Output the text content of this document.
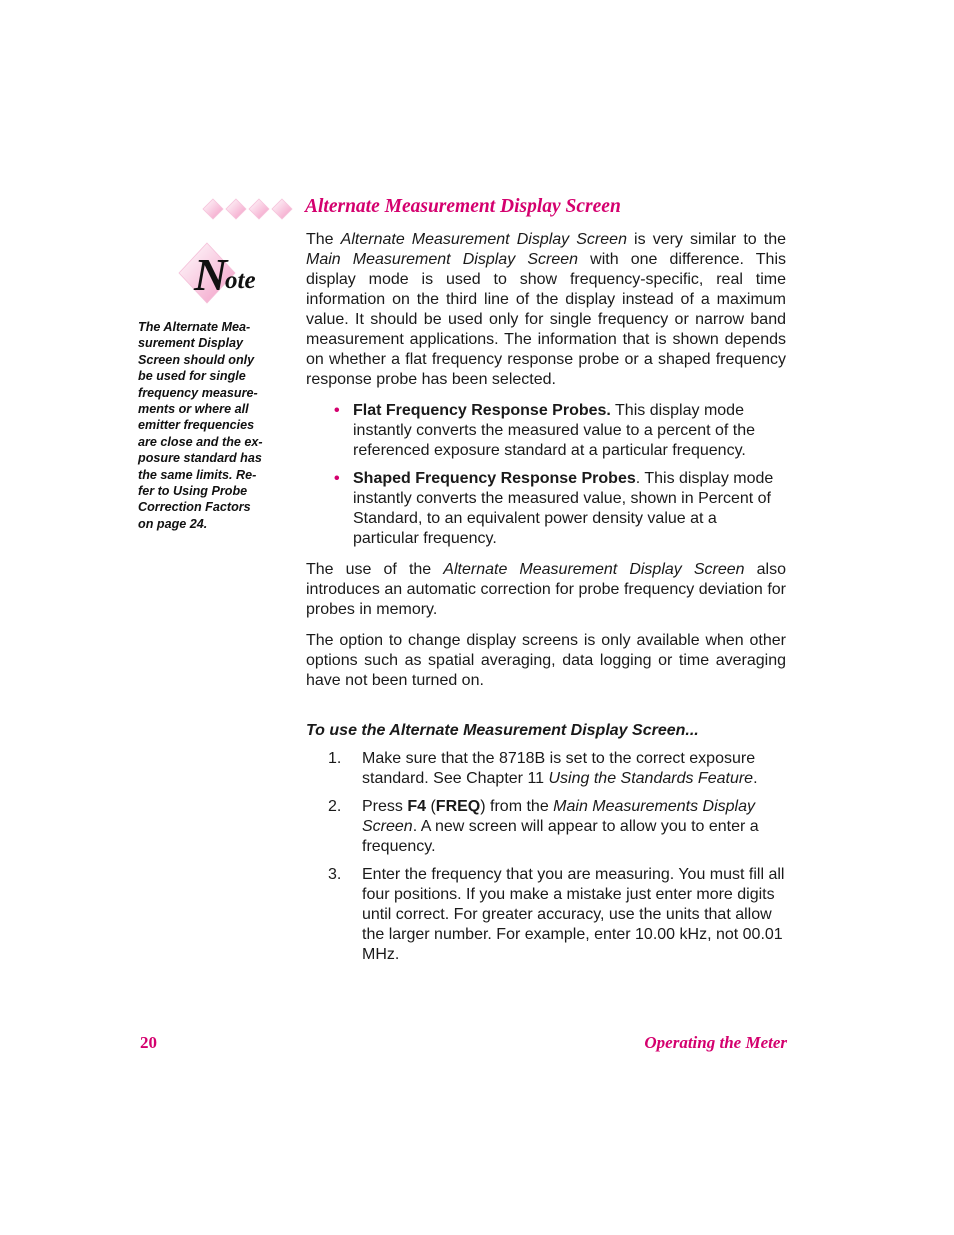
Alternate Measurement Display Screen
N
ote
The Alternate Mea-
surement Display
Screen should only
be used for single
frequency measure-
ments or where all
emitter frequencies
are close and the ex-
posure standard has
the same limits. Re-
fer to Using Probe
Correction Factors
on page 24.

The Alternate Measurement Display Screen is very similar to the Main Measurement Display Screen with one difference. This display mode is used to show frequency-specific, real time information on the third line of the display instead of a maximum value. It should be used only for single frequency or narrow band measurement applications. The information that is shown depends on whether a flat frequency response probe or a shaped frequency response probe has been selected.

• Flat Frequency Response Probes. This display mode instantly converts the measured value to a percent of the referenced exposure standard at a particular frequency.

• Shaped Frequency Response Probes. This display mode instantly converts the measured value, shown in Percent of Standard, to an equivalent power density value at a particular frequency.

The use of the Alternate Measurement Display Screen also introduces an automatic correction for probe frequency deviation for probes in memory.

The option to change display screens is only available when other options such as spatial averaging, data logging or time averaging have not been turned on.

To use the Alternate Measurement Display Screen...

1. Make sure that the 8718B is set to the correct exposure standard. See Chapter 11 Using the Standards Feature.

2. Press F4 (FREQ) from the Main Measurements Display Screen. A new screen will appear to allow you to enter a frequency.

3. Enter the frequency that you are measuring. You must fill all four positions. If you make a mistake just enter more digits until correct. For greater accuracy, use the units that allow the larger number. For example, enter 10.00 kHz, not 00.01 MHz.

20	Operating the Meter
